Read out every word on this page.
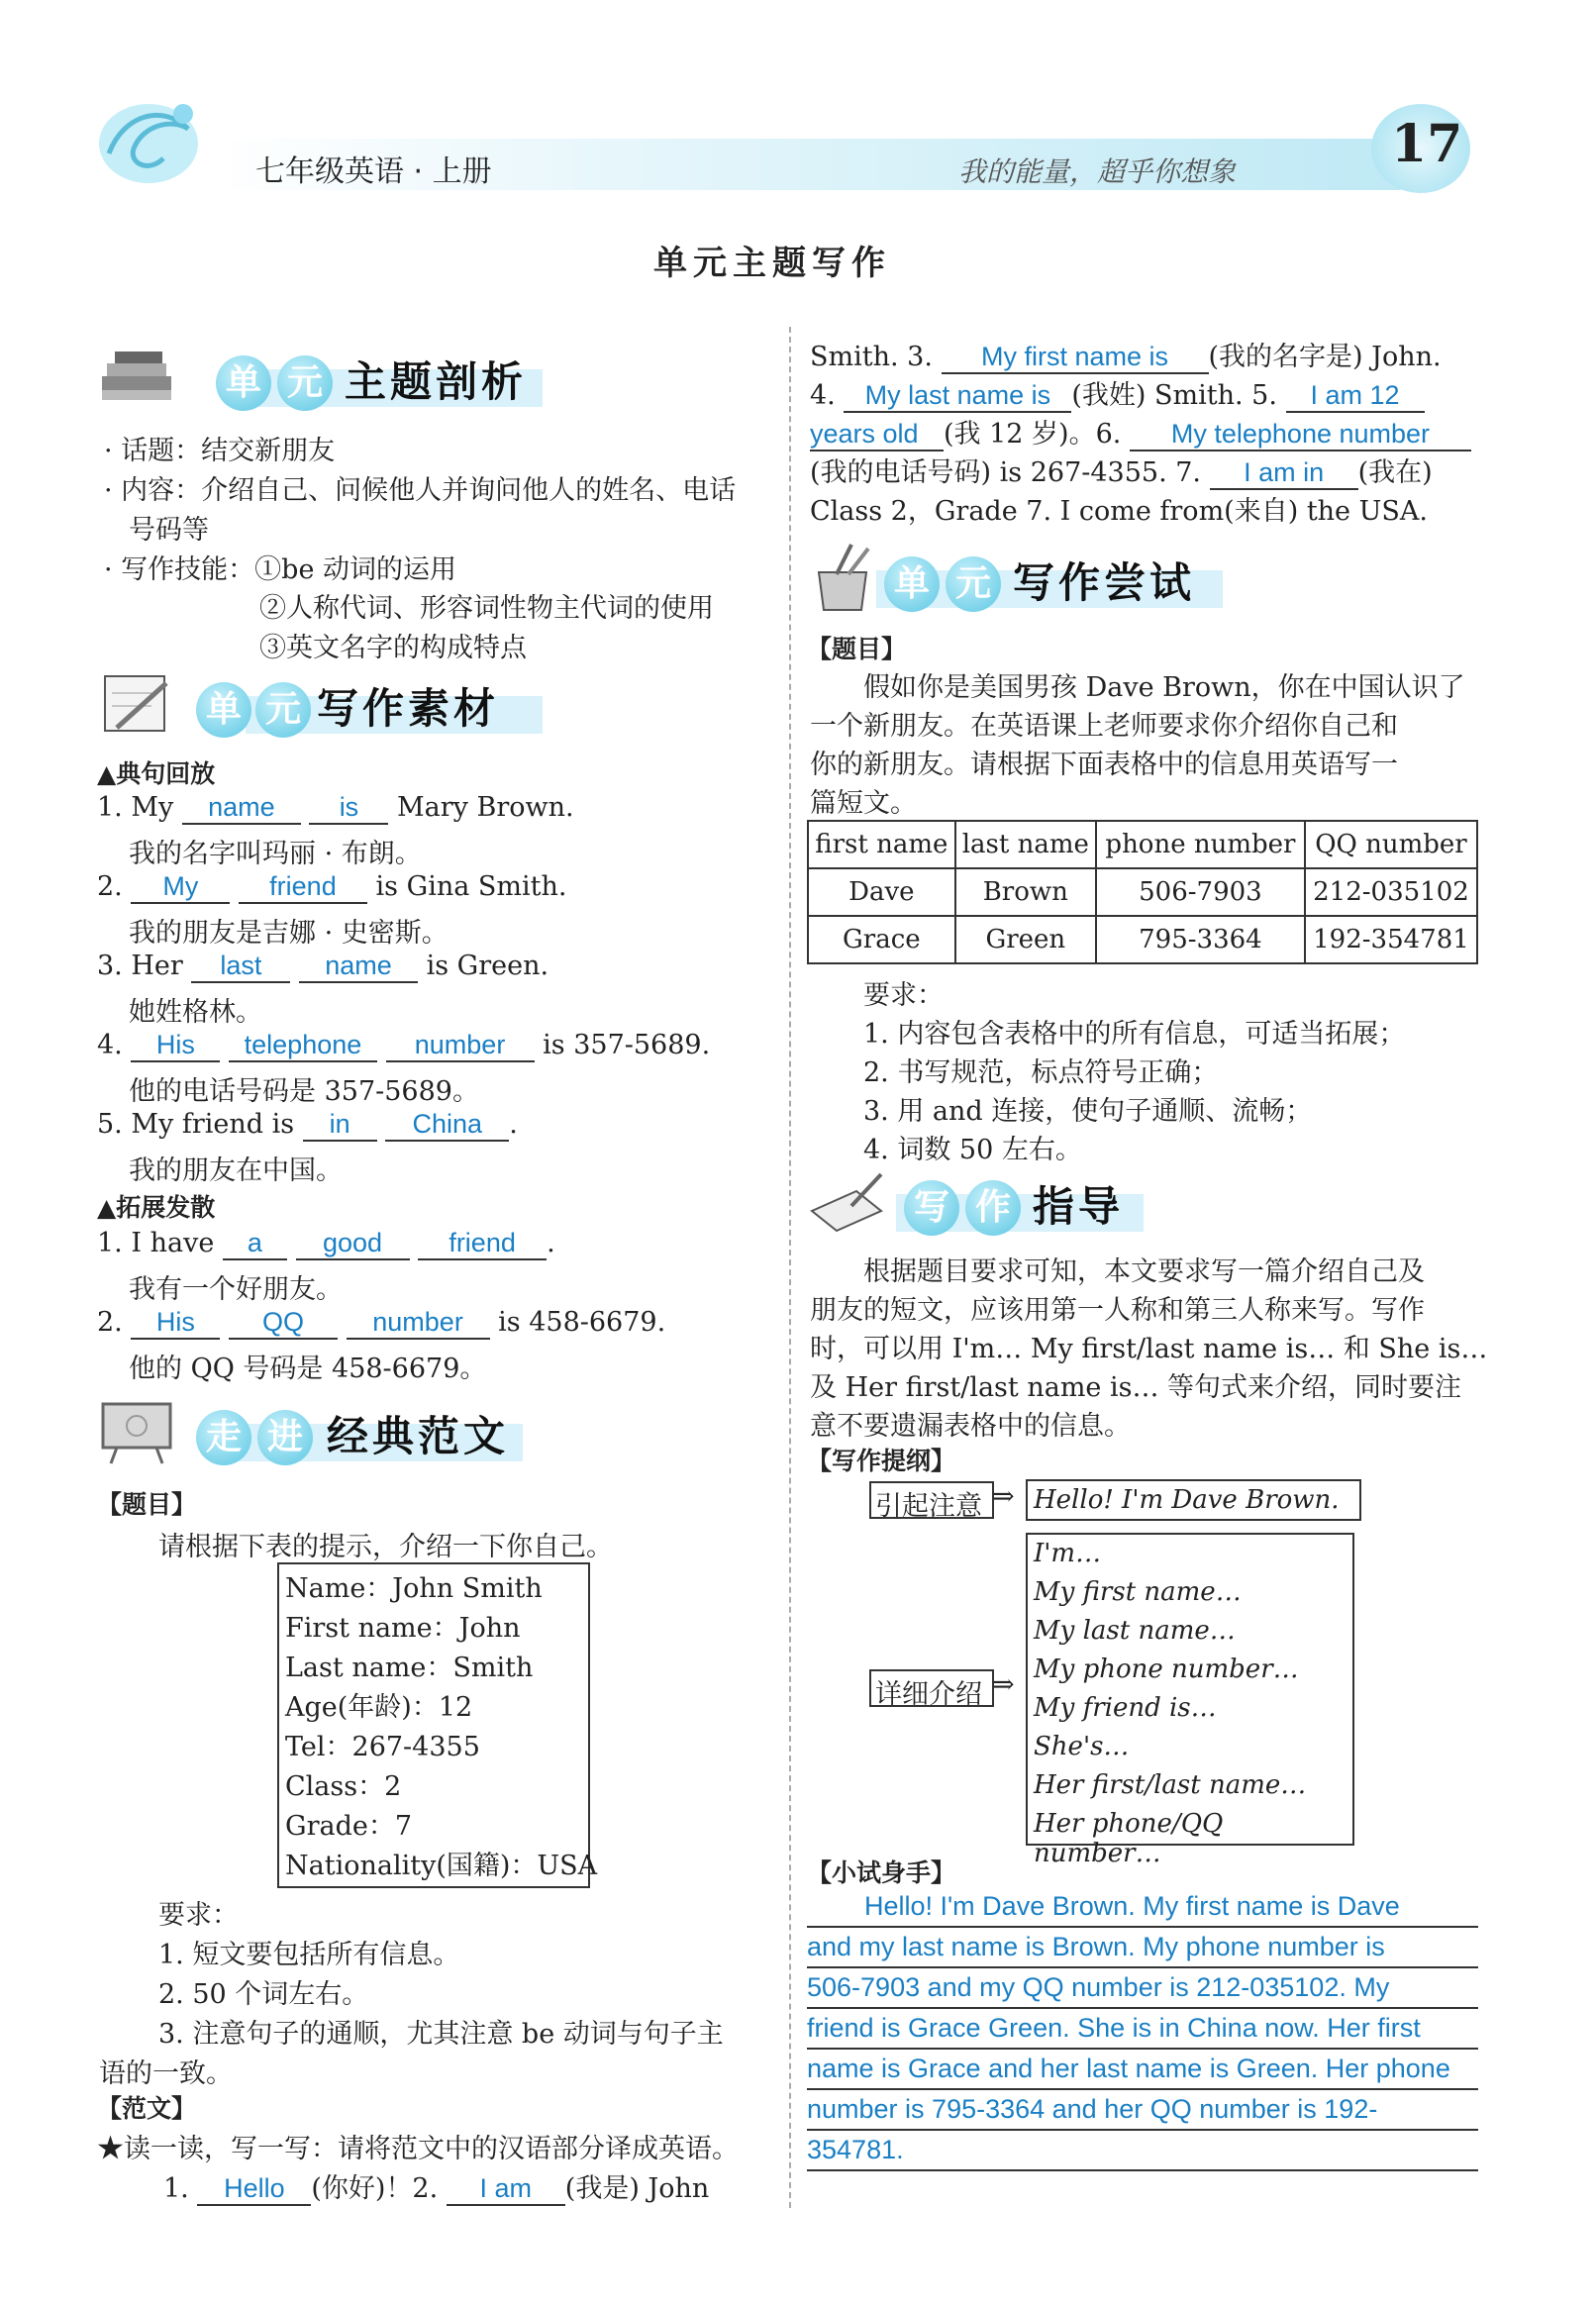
七年级英语 · 上册	我的能量，超乎你想象	17
单元主题写作
单 元 主题剖析
· 话题：结交新朋友
· 内容：介绍自己、问候他人并询问他人的姓名、电话
号码等
· 写作技能：①be 动词的运用
②人称代词、形容词性物主代词的使用
③英文名字的构成特点
单 元 写作素材
▲典句回放
1. My name is Mary Brown.
我的名字叫玛丽 · 布朗。
2. My	friend is Gina Smith.
我的朋友是吉娜 · 史密斯。
3. Her last name is Green.
她姓格林。
4. His telephone number is 357-5689.
他的电话号码是 357-5689。
5. My friend is in China .
我的朋友在中国。
▲拓展发散
1. I have a good friend .
我有一个好朋友。
2. His	QQ	number is 458-6679.
他的 QQ 号码是 458-6679。
走 进 经典范文
【题目】
请根据下表的提示，介绍一下你自己。
Name：John Smith
First name：John
Last name：Smith
Age(年龄)：12
Tel：267-4355
Class：2
Grade：7
Nationality(国籍)：USA
要求：
1. 短文要包括所有信息。
2. 50 个词左右。
3. 注意句子的通顺，尤其注意 be 动词与句子主
语的一致。
【范文】
★读一读，写一写：请将范文中的汉语部分译成英语。
1. Hello (你好)！2. I am (我是) John
Smith. 3. My first name is (我的名字是) John.
4. My last name is (我姓) Smith. 5. I am 12
years old (我 12 岁)。6. My telephone number
(我的电话号码) is 267-4355. 7. I am in (我在)
Class 2，Grade 7. I come from(来自) the USA.
单 元 写作尝试
【题目】
假如你是美国男孩 Dave Brown，你在中国认识了
一个新朋友。在英语课上老师要求你介绍你自己和
你的新朋友。请根据下面表格中的信息用英语写一
篇短文。
first name	last name	phone number	QQ number
Dave	Brown	506-7903	212-035102
Grace	Green	795-3364	192-354781
要求：
1. 内容包含表格中的所有信息，可适当拓展；
2. 书写规范，标点符号正确；
3. 用 and 连接，使句子通顺、流畅；
4. 词数 50 左右。
写 作 指导
根据题目要求可知，本文要求写一篇介绍自己及
朋友的短文，应该用第一人称和第三人称来写。写作
时，可以用 I'm… My first/last name is… 和 She is…
及 Her first/last name is… 等句式来介绍，同时要注
意不要遗漏表格中的信息。
【写作提纲】
引起注意 ⇒ Hello! I'm Dave Brown.
详细介绍 ⇒
I'm…
My first name…
My last name…
My phone number…
My friend is…
She's…
Her first/last name…
Her phone/QQ number…
【小试身手】
Hello! I'm Dave Brown. My first name is Dave
and my last name is Brown. My phone number is
506-7903 and my QQ number is 212-035102. My
friend is Grace Green. She is in China now. Her first
name is Grace and her last name is Green. Her phone
number is 795-3364 and her QQ number is 192-
354781.
